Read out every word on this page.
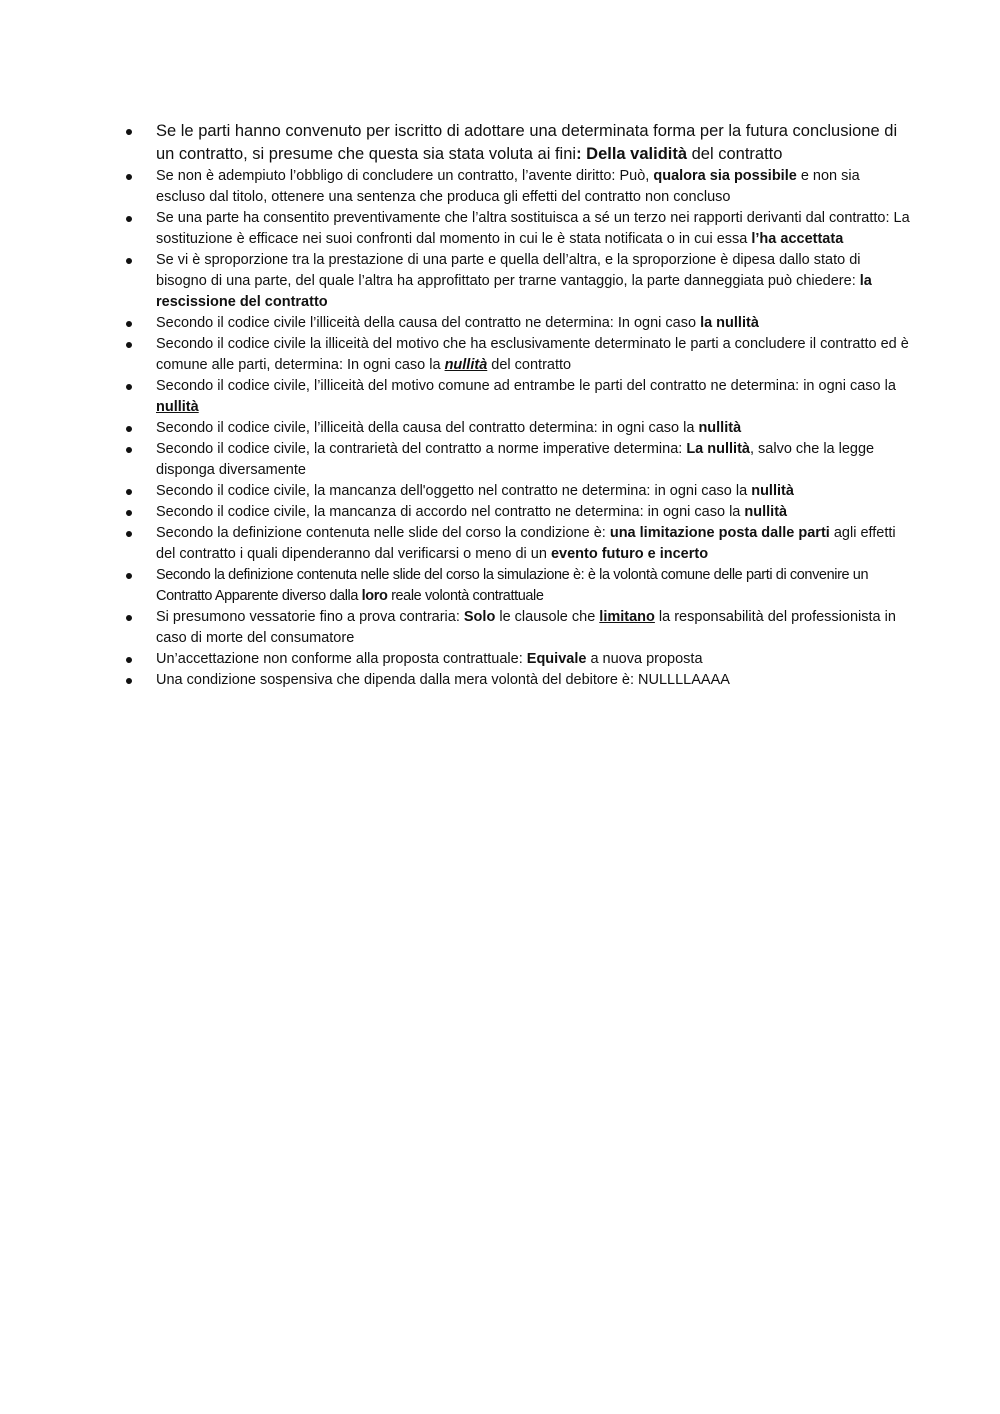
Se le parti hanno convenuto per iscritto di adottare una determinata forma per la futura conclusione di un contratto, si presume che questa sia stata voluta ai fini: Della validità del contratto
Se non è adempiuto l’obbligo di concludere un contratto, l’avente diritto: Può, qualora sia possibile e non sia escluso dal titolo, ottenere una sentenza che produca gli effetti del contratto non concluso
Se una parte ha consentito preventivamente che l’altra sostituisca a sé un terzo nei rapporti derivanti dal contratto: La sostituzione è efficace nei suoi confronti dal momento in cui le è stata notificata o in cui essa l’ha accettata
Se vi è sproporzione tra la prestazione di una parte e quella dell’altra, e la sproporzione è dipesa dallo stato di bisogno di una parte, del quale l’altra ha approfittato per trarne vantaggio, la parte danneggiata può chiedere: la rescissione del contratto
Secondo il codice civile l’illiceità della causa del contratto ne determina: In ogni caso la nullità
Secondo il codice civile la illiceità del motivo che ha esclusivamente determinato le parti a concludere il contratto ed è comune alle parti, determina: In ogni caso la nullità del contratto
Secondo il codice civile, l’illiceità del motivo comune ad entrambe le parti del contratto ne determina: in ogni caso la nullità
Secondo il codice civile, l’illiceità della causa del contratto determina: in ogni caso la nullità
Secondo il codice civile, la contrarietà del contratto a norme imperative determina: La nullità, salvo che la legge disponga diversamente
Secondo il codice civile, la mancanza dell'oggetto nel contratto ne determina: in ogni caso la nullità
Secondo il codice civile, la mancanza di accordo nel contratto ne determina: in ogni caso la nullità
Secondo la definizione contenuta nelle slide del corso la condizione è: una limitazione posta dalle parti agli effetti del contratto i quali dipenderanno dal verificarsi o meno di un evento futuro e incerto
Secondo la definizione contenuta nelle slide del corso la simulazione è: è la volontà comune delle parti di convenire un Contratto Apparente diverso dalla loro reale volontà contrattuale
Si presumono vessatorie fino a prova contraria: Solo le clausole che limitano la responsabilità del professionista in caso di morte del consumatore
Un’accettazione non conforme alla proposta contrattuale: Equivale a nuova proposta
Una condizione sospensiva che dipenda dalla mera volontà del debitore è: NULLLLAAAA
